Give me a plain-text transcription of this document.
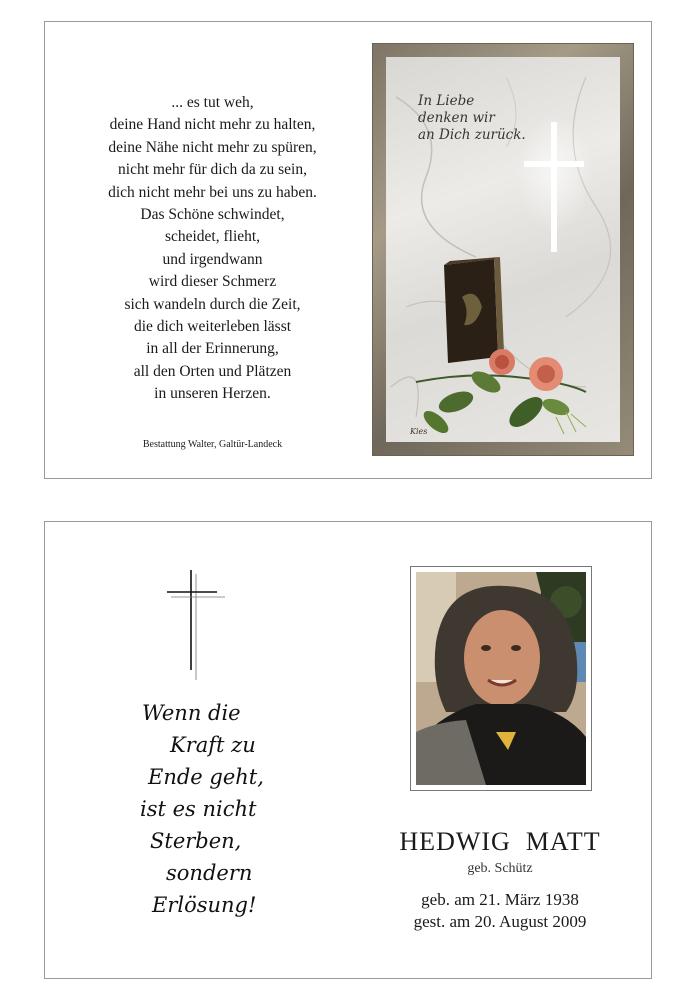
... es tut weh,
deine Hand nicht mehr zu halten,
deine Nähe nicht mehr zu spüren,
nicht mehr für dich da zu sein,
dich nicht mehr bei uns zu haben.
Das Schöne schwindet,
scheidet, flieht,
und irgendwann
wird dieser Schmerz
sich wandeln durch die Zeit,
die dich weiterleben lässt
in all der Erinnerung,
all den Orten und Plätzen
in unseren Herzen.
Bestattung Walter, Galtür-Landeck
In Liebe
denken wir
an Dich zurück.
Kies
Wenn die
Kraft zu
Ende geht,
ist es nicht
Sterben,
sondern
Erlösung!
HEDWIG  MATT
geb. Schütz
geb. am 21. März 1938
gest. am 20. August 2009
